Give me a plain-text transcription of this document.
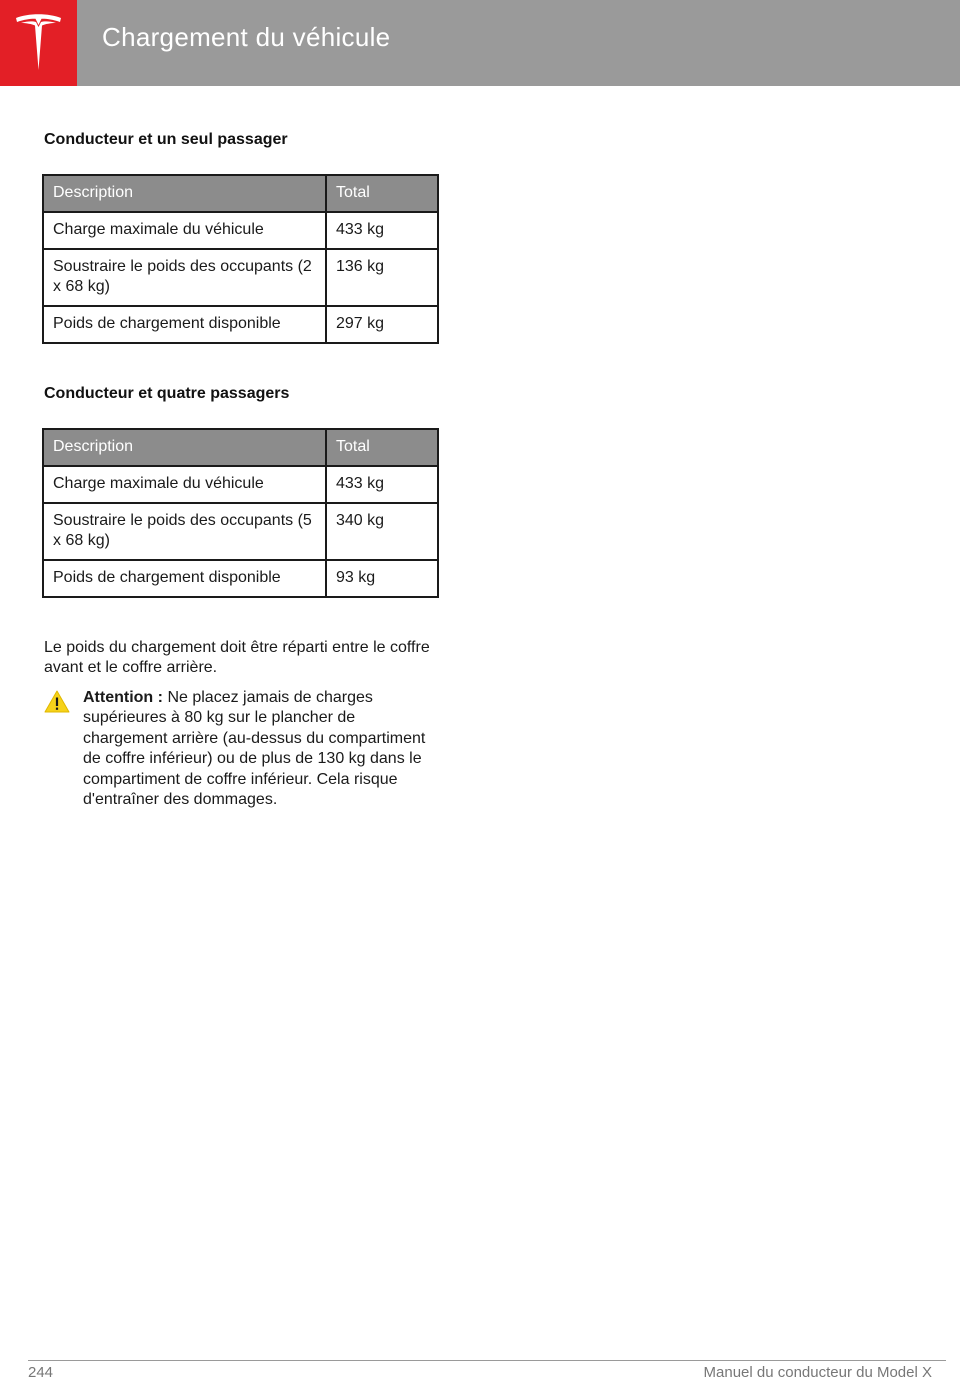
Chargement du véhicule
Conducteur et un seul passager
Description	Total
Charge maximale du véhicule	433 kg
Soustraire le poids des occupants (2 x 68 kg)	136 kg
Poids de chargement disponible	297 kg
Conducteur et quatre passagers
Description	Total
Charge maximale du véhicule	433 kg
Soustraire le poids des occupants (5 x 68 kg)	340 kg
Poids de chargement disponible	93 kg
Le poids du chargement doit être réparti entre le coffre avant et le coffre arrière.
Attention : Ne placez jamais de charges supérieures à 80 kg sur le plancher de chargement arrière (au-dessus du compartiment de coffre inférieur) ou de plus de 130 kg dans le compartiment de coffre inférieur. Cela risque d'entraîner des dommages.
244	Manuel du conducteur du Model X
